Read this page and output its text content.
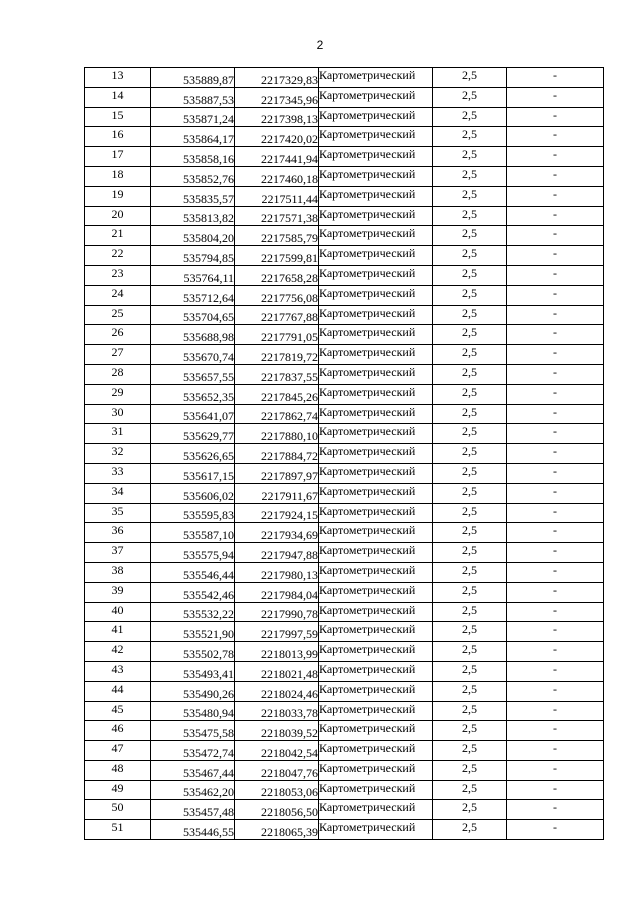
2
13	535889,87	2217329,83	Картометрический	2,5	-
14	535887,53	2217345,96	Картометрический	2,5	-
15	535871,24	2217398,13	Картометрический	2,5	-
16	535864,17	2217420,02	Картометрический	2,5	-
17	535858,16	2217441,94	Картометрический	2,5	-
18	535852,76	2217460,18	Картометрический	2,5	-
19	535835,57	2217511,44	Картометрический	2,5	-
20	535813,82	2217571,38	Картометрический	2,5	-
21	535804,20	2217585,79	Картометрический	2,5	-
22	535794,85	2217599,81	Картометрический	2,5	-
23	535764,11	2217658,28	Картометрический	2,5	-
24	535712,64	2217756,08	Картометрический	2,5	-
25	535704,65	2217767,88	Картометрический	2,5	-
26	535688,98	2217791,05	Картометрический	2,5	-
27	535670,74	2217819,72	Картометрический	2,5	-
28	535657,55	2217837,55	Картометрический	2,5	-
29	535652,35	2217845,26	Картометрический	2,5	-
30	535641,07	2217862,74	Картометрический	2,5	-
31	535629,77	2217880,10	Картометрический	2,5	-
32	535626,65	2217884,72	Картометрический	2,5	-
33	535617,15	2217897,97	Картометрический	2,5	-
34	535606,02	2217911,67	Картометрический	2,5	-
35	535595,83	2217924,15	Картометрический	2,5	-
36	535587,10	2217934,69	Картометрический	2,5	-
37	535575,94	2217947,88	Картометрический	2,5	-
38	535546,44	2217980,13	Картометрический	2,5	-
39	535542,46	2217984,04	Картометрический	2,5	-
40	535532,22	2217990,78	Картометрический	2,5	-
41	535521,90	2217997,59	Картометрический	2,5	-
42	535502,78	2218013,99	Картометрический	2,5	-
43	535493,41	2218021,48	Картометрический	2,5	-
44	535490,26	2218024,46	Картометрический	2,5	-
45	535480,94	2218033,78	Картометрический	2,5	-
46	535475,58	2218039,52	Картометрический	2,5	-
47	535472,74	2218042,54	Картометрический	2,5	-
48	535467,44	2218047,76	Картометрический	2,5	-
49	535462,20	2218053,06	Картометрический	2,5	-
50	535457,48	2218056,50	Картометрический	2,5	-
51	535446,55	2218065,39	Картометрический	2,5	-
